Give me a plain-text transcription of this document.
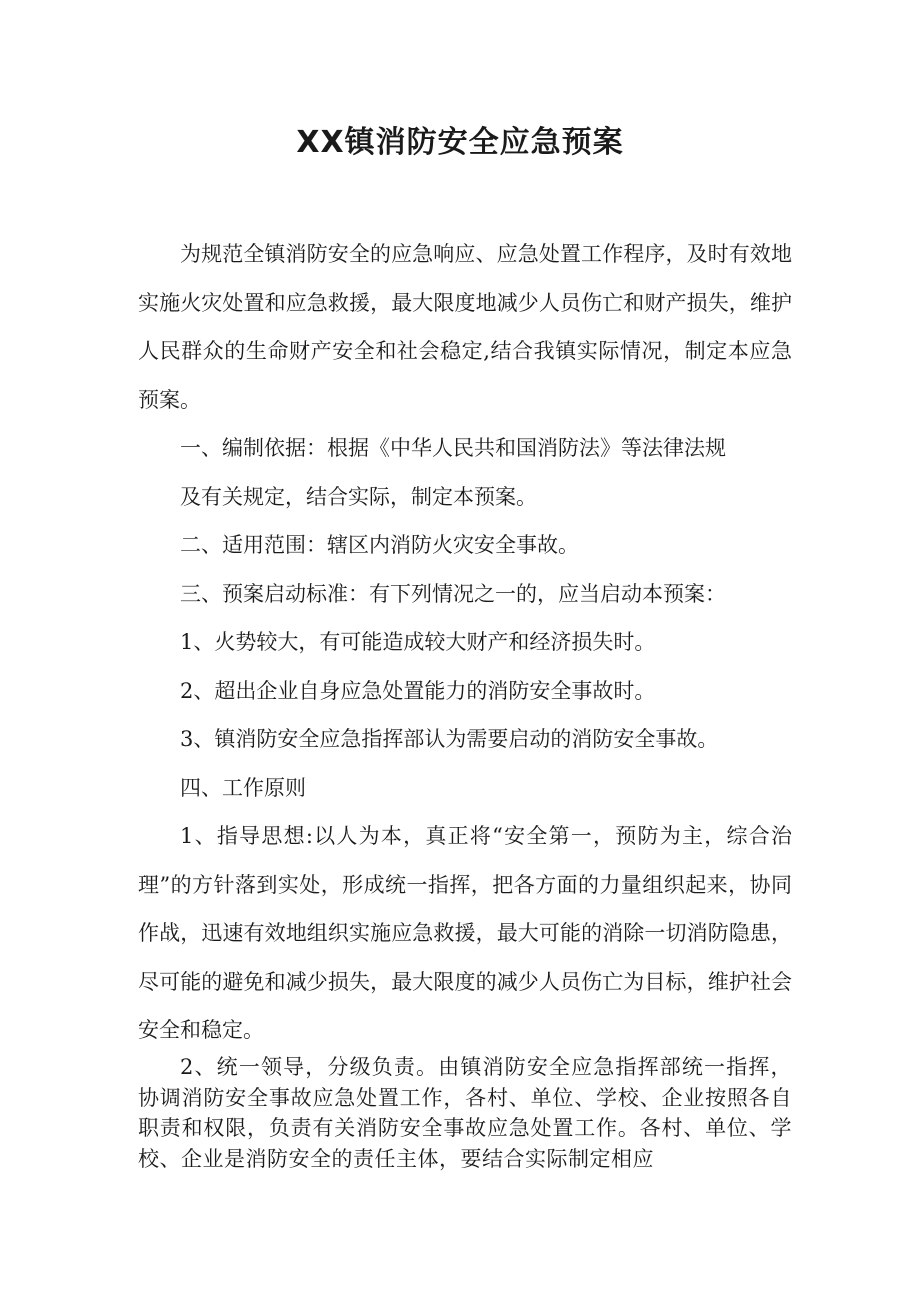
XX镇消防安全应急预案

为规范全镇消防安全的应急响应、应急处置工作程序，及时有效地实施火灾处置和应急救援，最大限度地减少人员伤亡和财产损失，维护人民群众的生命财产安全和社会稳定,结合我镇实际情况，制定本应急预案。

一、编制依据：根据《中华人民共和国消防法》等法律法规

及有关规定，结合实际，制定本预案。

二、适用范围：辖区内消防火灾安全事故。

三、预案启动标准：有下列情况之一的，应当启动本预案：

1、火势较大，有可能造成较大财产和经济损失时。

2、超出企业自身应急处置能力的消防安全事故时。

3、镇消防安全应急指挥部认为需要启动的消防安全事故。

四、工作原则

1、指导思想:以人为本，真正将“安全第一，预防为主，综合治理”的方针落到实处，形成统一指挥，把各方面的力量组织起来，协同作战，迅速有效地组织实施应急救援，最大可能的消除一切消防隐患，尽可能的避免和减少损失，最大限度的减少人员伤亡为目标，维护社会安全和稳定。

2、统一领导，分级负责。由镇消防安全应急指挥部统一指挥，协调消防安全事故应急处置工作，各村、单位、学校、企业按照各自职责和权限，负责有关消防安全事故应急处置工作。各村、单位、学校、企业是消防安全的责任主体，要结合实际制定相应
